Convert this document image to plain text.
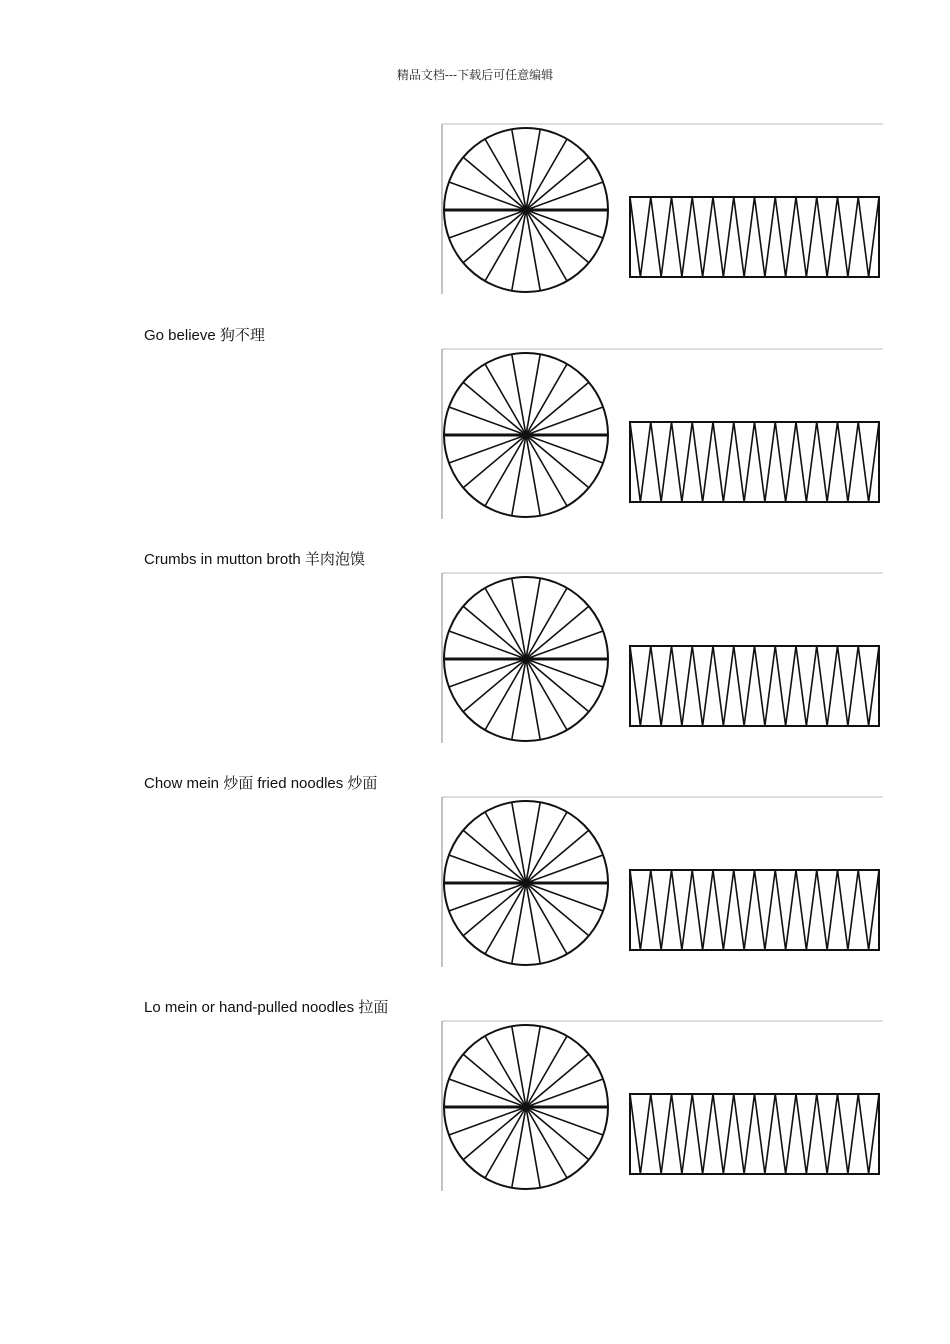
精品文档---下载后可任意编辑
Go believe 狗不理
Crumbs in mutton broth 羊肉泡馍
Chow mein 炒面 fried noodles 炒面
Lo mein or hand-pulled noodles 拉面
